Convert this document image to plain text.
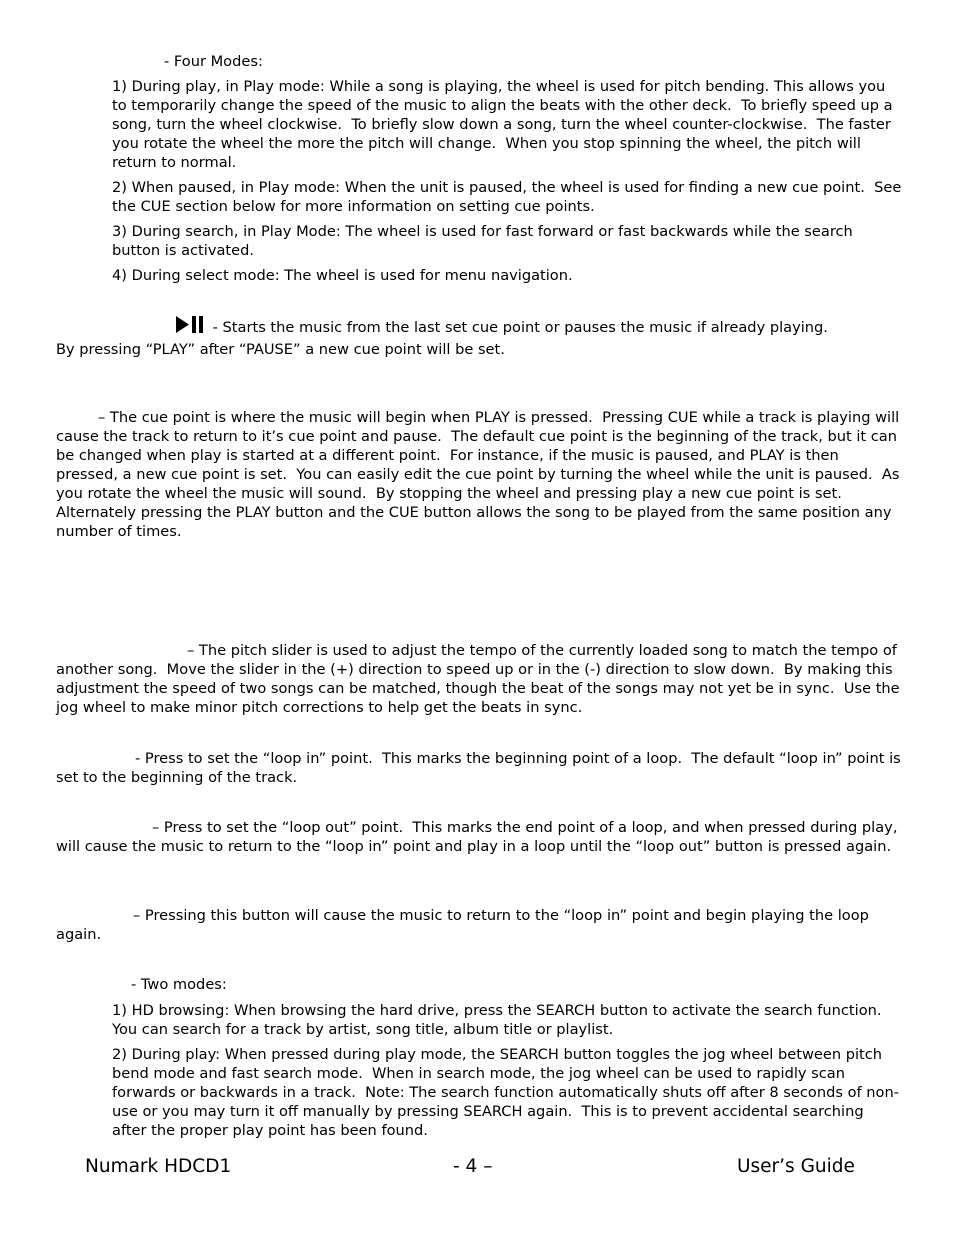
- Four Modes:
1) During play, in Play mode: While a song is playing, the wheel is used for pitch bending. This allows you to temporarily change the speed of the music to align the beats with the other deck.  To briefly speed up a song, turn the wheel clockwise.  To briefly slow down a song, turn the wheel counter-clockwise.  The faster you rotate the wheel the more the pitch will change.  When you stop spinning the wheel, the pitch will return to normal.
2) When paused, in Play mode: When the unit is paused, the wheel is used for finding a new cue point.  See the CUE section below for more information on setting cue points.
3) During search, in Play Mode: The wheel is used for fast forward or fast backwards while the search button is activated.
4) During select mode: The wheel is used for menu navigation.
- Starts the music from the last set cue point or pauses the music if already playing.
By pressing “PLAY” after “PAUSE” a new cue point will be set.
– The cue point is where the music will begin when PLAY is pressed.  Pressing CUE while a track is playing will cause the track to return to it’s cue point and pause.  The default cue point is the beginning of the track, but it can be changed when play is started at a different point.  For instance, if the music is paused, and PLAY is then pressed, a new cue point is set.  You can easily edit the cue point by turning the wheel while the unit is paused.  As you rotate the wheel the music will sound.  By stopping the wheel and pressing play a new cue point is set.   Alternately pressing the PLAY button and the CUE button allows the song to be played from the same position any number of times.
– The pitch slider is used to adjust the tempo of the currently loaded song to match the tempo of another song.  Move the slider in the (+) direction to speed up or in the (-) direction to slow down.  By making this adjustment the speed of two songs can be matched, though the beat of the songs may not yet be in sync.  Use the jog wheel to make minor pitch corrections to help get the beats in sync.
- Press to set the “loop in” point.  This marks the beginning point of a loop.  The default “loop in” point is set to the beginning of the track.
– Press to set the “loop out” point.  This marks the end point of a loop, and when pressed during play, will cause the music to return to the “loop in” point and play in a loop until the “loop out” button is pressed again.
– Pressing this button will cause the music to return to the “loop in” point and begin playing the loop again.
- Two modes:
1) HD browsing: When browsing the hard drive, press the SEARCH button to activate the search function.  You can search for a track by artist, song title, album title or playlist.
2) During play: When pressed during play mode, the SEARCH button toggles the jog wheel between pitch bend mode and fast search mode.  When in search mode, the jog wheel can be used to rapidly scan forwards or backwards in a track.  Note: The search function automatically shuts off after 8 seconds of non-use or you may turn it off manually by pressing SEARCH again.  This is to prevent accidental searching after the proper play point has been found.
Numark HDCD1	- 4 –	User’s Guide
